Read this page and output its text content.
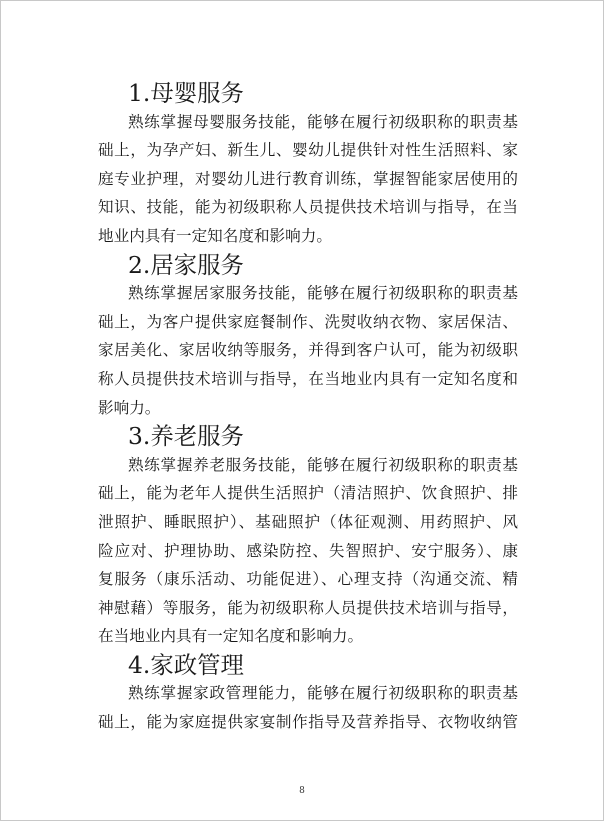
1.母婴服务
熟练掌握母婴服务技能，能够在履行初级职称的职责基
础上，为孕产妇、新生儿、婴幼儿提供针对性生活照料、家
庭专业护理，对婴幼儿进行教育训练，掌握智能家居使用的
知识、技能，能为初级职称人员提供技术培训与指导，在当
地业内具有一定知名度和影响力。
2.居家服务
熟练掌握居家服务技能，能够在履行初级职称的职责基
础上，为客户提供家庭餐制作、洗熨收纳衣物、家居保洁、
家居美化、家居收纳等服务，并得到客户认可，能为初级职
称人员提供技术培训与指导，在当地业内具有一定知名度和
影响力。
3.养老服务
熟练掌握养老服务技能，能够在履行初级职称的职责基
础上，能为老年人提供生活照护（清洁照护、饮食照护、排
泄照护、睡眠照护）、基础照护（体征观测、用药照护、风
险应对、护理协助、感染防控、失智照护、安宁服务）、康
复服务（康乐活动、功能促进）、心理支持（沟通交流、精
神慰藉）等服务，能为初级职称人员提供技术培训与指导，
在当地业内具有一定知名度和影响力。
4.家政管理
熟练掌握家政管理能力，能够在履行初级职称的职责基
础上，能为家庭提供家宴制作指导及营养指导、衣物收纳管
8
